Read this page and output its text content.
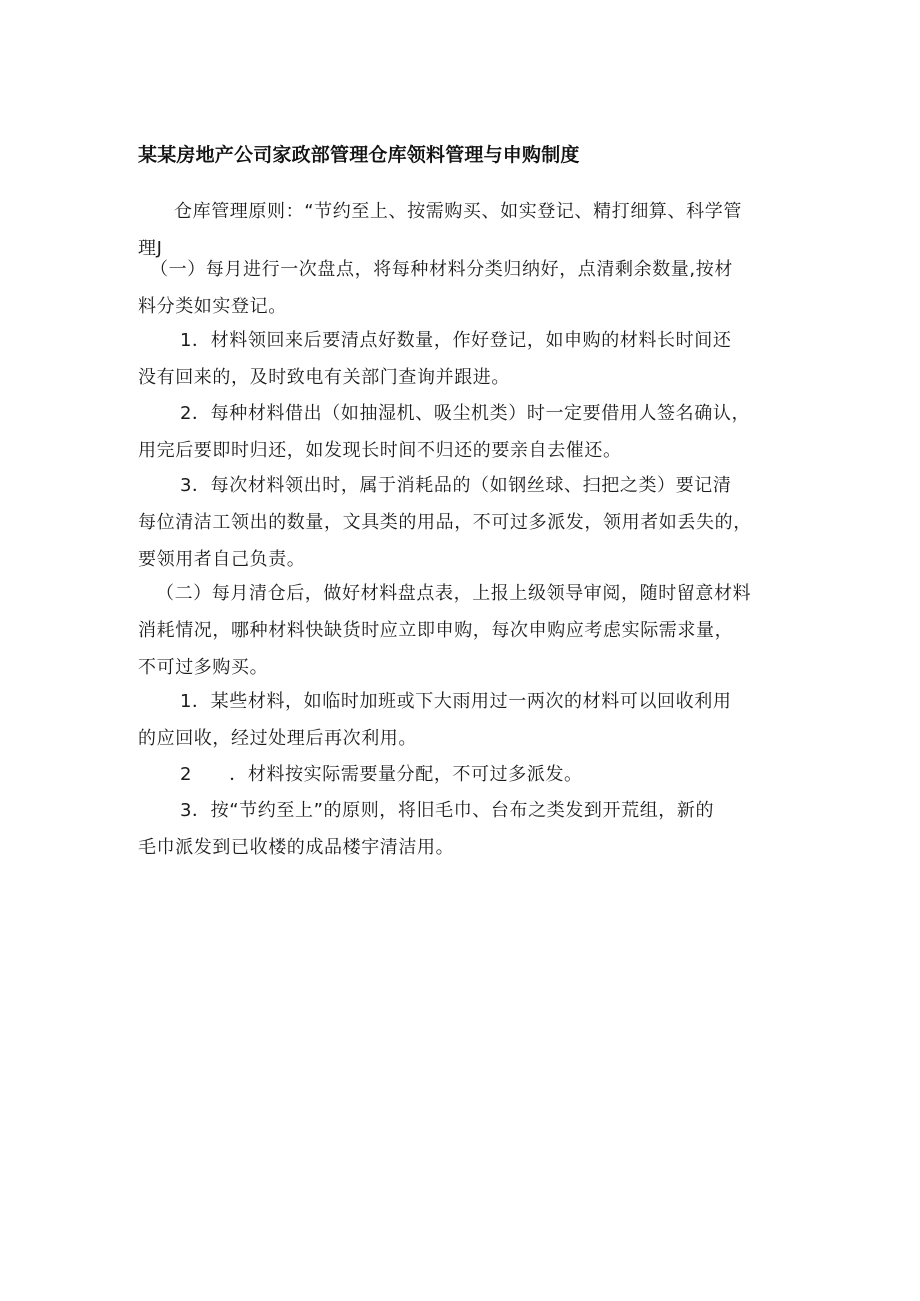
某某房地产公司家政部管理仓库领料管理与申购制度
仓库管理原则：“节约至上、按需购买、如实登记、精打细算、科学管
理J
（一）每月进行一次盘点，将每种材料分类归纳好，点清剩余数量,按材
料分类如实登记。
1．材料领回来后要清点好数量，作好登记，如申购的材料长时间还
没有回来的，及时致电有关部门查询并跟进。
2．每种材料借出（如抽湿机、吸尘机类）时一定要借用人签名确认，
用完后要即时归还，如发现长时间不归还的要亲自去催还。
3．每次材料领出时，属于消耗品的（如钢丝球、扫把之类）要记清
每位清洁工领出的数量，文具类的用品，不可过多派发，领用者如丢失的，
要领用者自己负责。
（二）每月清仓后，做好材料盘点表，上报上级领导审阅，随时留意材料
消耗情况，哪种材料快缺货时应立即申购，每次申购应考虑实际需求量，
不可过多购买。
1．某些材料，如临时加班或下大雨用过一两次的材料可以回收利用
的应回收，经过处理后再次利用。
2　　．材料按实际需要量分配，不可过多派发。
3．按“节约至上”的原则，将旧毛巾、台布之类发到开荒组，新的
毛巾派发到已收楼的成品楼宇清洁用。
